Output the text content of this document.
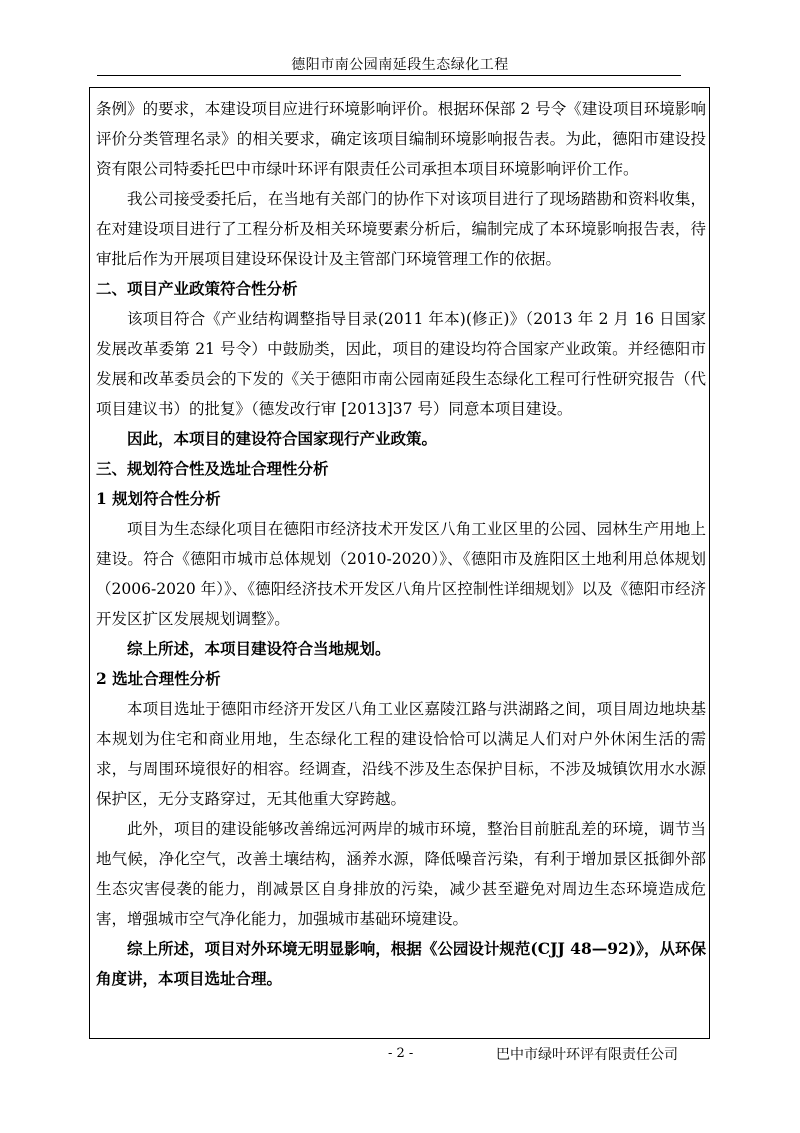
德阳市南公园南延段生态绿化工程

条例》的要求，本建设项目应进行环境影响评价。根据环保部 2 号令《建设项目环境影响评价分类管理名录》的相关要求，确定该项目编制环境影响报告表。为此，德阳市建设投资有限公司特委托巴中市绿叶环评有限责任公司承担本项目环境影响评价工作。

我公司接受委托后，在当地有关部门的协作下对该项目进行了现场踏勘和资料收集，在对建设项目进行了工程分析及相关环境要素分析后，编制完成了本环境影响报告表，待审批后作为开展项目建设环保设计及主管部门环境管理工作的依据。

二、项目产业政策符合性分析

该项目符合《产业结构调整指导目录(2011 年本)(修正)》（2013 年 2 月 16 日国家发展改革委第 21 号令）中鼓励类，因此，项目的建设均符合国家产业政策。并经德阳市发展和改革委员会的下发的《关于德阳市南公园南延段生态绿化工程可行性研究报告（代项目建议书）的批复》（德发改行审 [2013]37 号）同意本项目建设。

因此，本项目的建设符合国家现行产业政策。

三、规划符合性及选址合理性分析

1 规划符合性分析

项目为生态绿化项目在德阳市经济技术开发区八角工业区里的公园、园林生产用地上建设。符合《德阳市城市总体规划（2010-2020）》、《德阳市及旌阳区土地利用总体规划（2006-2020 年）》、《德阳经济技术开发区八角片区控制性详细规划》以及《德阳市经济开发区扩区发展规划调整》。

综上所述，本项目建设符合当地规划。

2 选址合理性分析

本项目选址于德阳市经济开发区八角工业区嘉陵江路与洪湖路之间，项目周边地块基本规划为住宅和商业用地，生态绿化工程的建设恰恰可以满足人们对户外休闲生活的需求，与周围环境很好的相容。经调查，沿线不涉及生态保护目标，不涉及城镇饮用水水源保护区，无分支路穿过，无其他重大穿跨越。

此外，项目的建设能够改善绵远河两岸的城市环境，整治目前脏乱差的环境，调节当地气候，净化空气，改善土壤结构，涵养水源，降低噪音污染，有利于增加景区抵御外部生态灾害侵袭的能力，削减景区自身排放的污染，减少甚至避免对周边生态环境造成危害，增强城市空气净化能力，加强城市基础环境建设。

综上所述，项目对外环境无明显影响，根据《公园设计规范(CJJ 48—92)》，从环保角度讲，本项目选址合理。

- 2 -	巴中市绿叶环评有限责任公司
